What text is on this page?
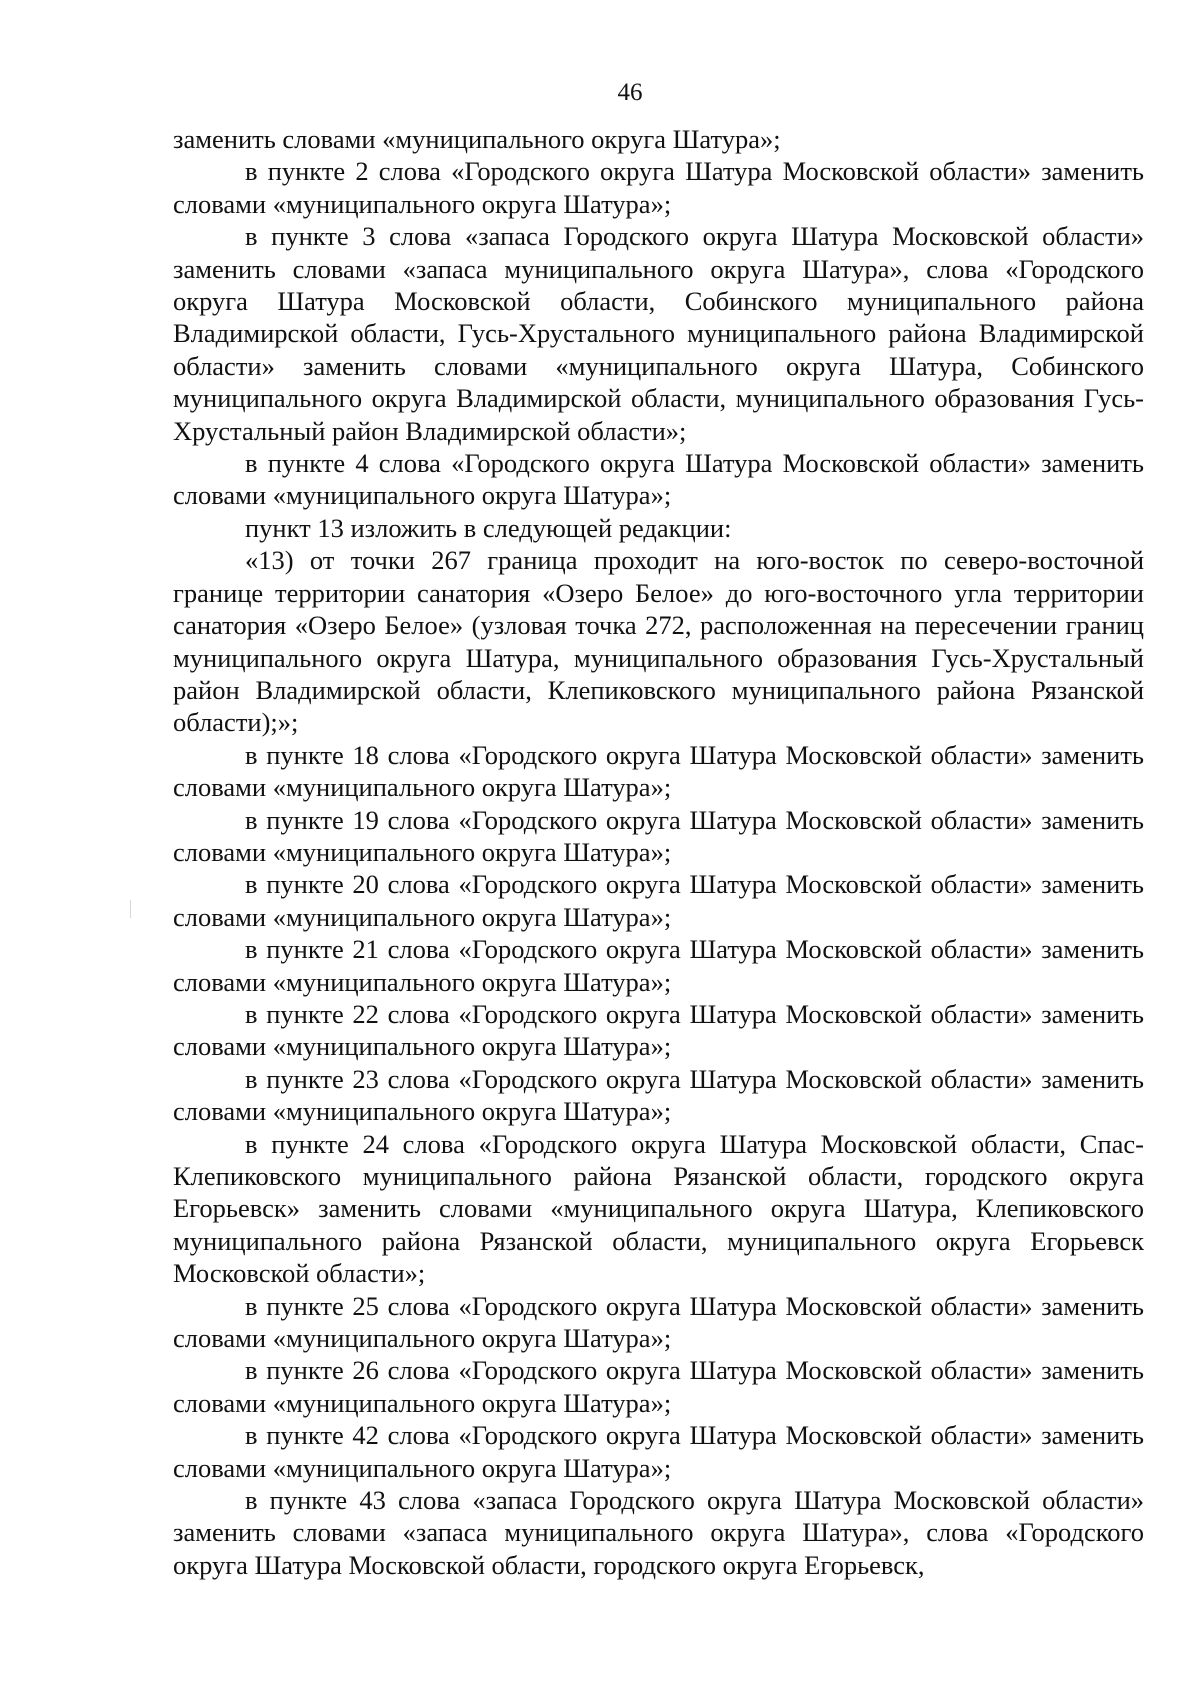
46

заменить словами «муниципального округа Шатура»;

в пункте 2 слова «Городского округа Шатура Московской области» заменить словами «муниципального округа Шатура»;

в пункте 3 слова «запаса Городского округа Шатура Московской области» заменить словами «запаса муниципального округа Шатура», слова «Городского округа Шатура Московской области, Собинского муниципального района Владимирской области, Гусь-Хрустального муниципального района Владимирской области» заменить словами «муниципального округа Шатура, Собинского муниципального округа Владимирской области, муниципального образования Гусь-Хрустальный район Владимирской области»;

в пункте 4 слова «Городского округа Шатура Московской области» заменить словами «муниципального округа Шатура»;

пункт 13 изложить в следующей редакции:

«13) от точки 267 граница проходит на юго-восток по северо-восточной границе территории санатория «Озеро Белое» до юго-восточного угла территории санатория «Озеро Белое» (узловая точка 272, расположенная на пересечении границ муниципального округа Шатура, муниципального образования Гусь-Хрустальный район Владимирской области, Клепиковского муниципального района Рязанской области);»;

в пункте 18 слова «Городского округа Шатура Московской области» заменить словами «муниципального округа Шатура»;

в пункте 19 слова «Городского округа Шатура Московской области» заменить словами «муниципального округа Шатура»;

в пункте 20 слова «Городского округа Шатура Московской области» заменить словами «муниципального округа Шатура»;

в пункте 21 слова «Городского округа Шатура Московской области» заменить словами «муниципального округа Шатура»;

в пункте 22 слова «Городского округа Шатура Московской области» заменить словами «муниципального округа Шатура»;

в пункте 23 слова «Городского округа Шатура Московской области» заменить словами «муниципального округа Шатура»;

в пункте 24 слова «Городского округа Шатура Московской области, Спас-Клепиковского муниципального района Рязанской области, городского округа Егорьевск» заменить словами «муниципального округа Шатура, Клепиковского муниципального района Рязанской области, муниципального округа Егорьевск Московской области»;

в пункте 25 слова «Городского округа Шатура Московской области» заменить словами «муниципального округа Шатура»;

в пункте 26 слова «Городского округа Шатура Московской области» заменить словами «муниципального округа Шатура»;

в пункте 42 слова «Городского округа Шатура Московской области» заменить словами «муниципального округа Шатура»;

в пункте 43 слова «запаса Городского округа Шатура Московской области» заменить словами «запаса муниципального округа Шатура», слова «Городского округа Шатура Московской области, городского округа Егорьевск,
